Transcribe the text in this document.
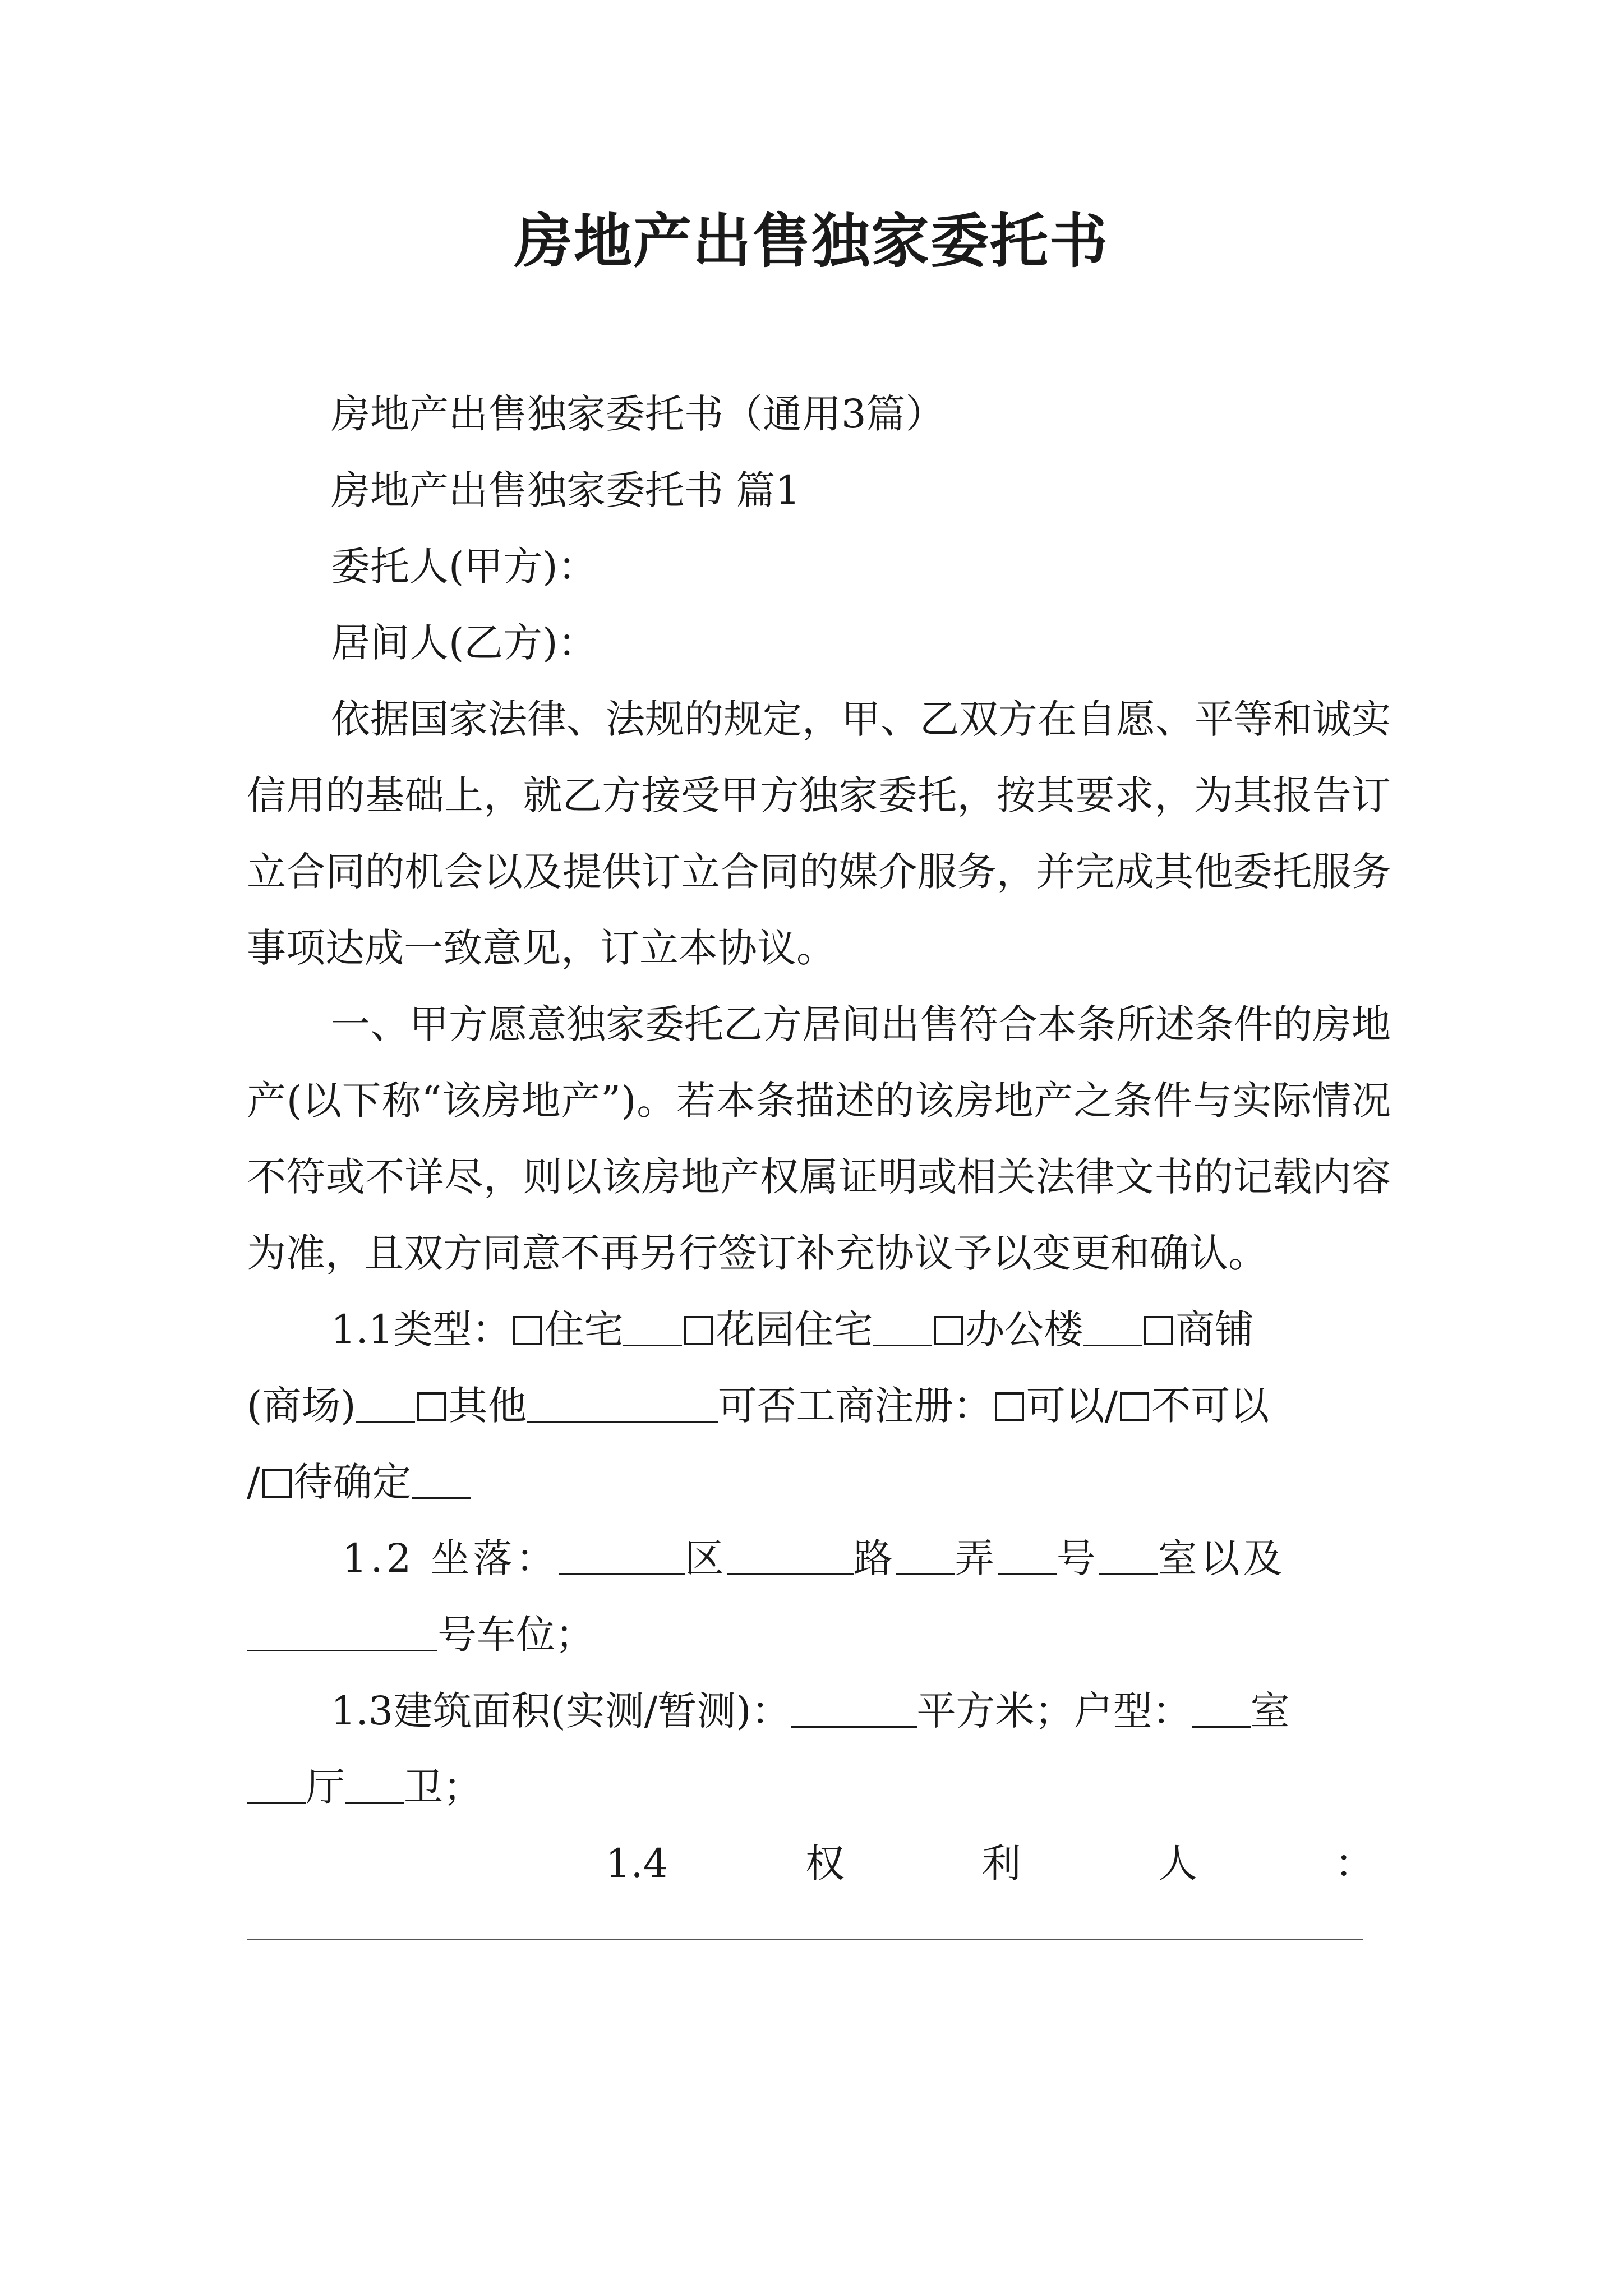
房地产出售独家委托书

房地产出售独家委托书（通用3篇）

房地产出售独家委托书 篇1

委托人(甲方)：

居间人(乙方)：

依据国家法律、法规的规定，甲、乙双方在自愿、平等和诚实信用的基础上，就乙方接受甲方独家委托，按其要求，为其报告订立合同的机会以及提供订立合同的媒介服务，并完成其他委托服务事项达成一致意见，订立本协议。

一、甲方愿意独家委托乙方居间出售符合本条所述条件的房地产(以下称“该房地产”)。若本条描述的该房地产之条件与实际情况不符或不详尽，则以该房地产权属证明或相关法律文书的记载内容为准，且双方同意不再另行签订补充协议予以变更和确认。

1.1类型： 住宅 花园住宅 办公楼 商铺

(商场) 其他	可否工商注册： 可以/ 不可以

/ 待确定

1.2 坐落：	区	路 弄 号 室以及

号车位；

1.3建筑面积(实测/暂测)：	平方米；户型： 室

厅 卫；

1.4	权	利	人	：
